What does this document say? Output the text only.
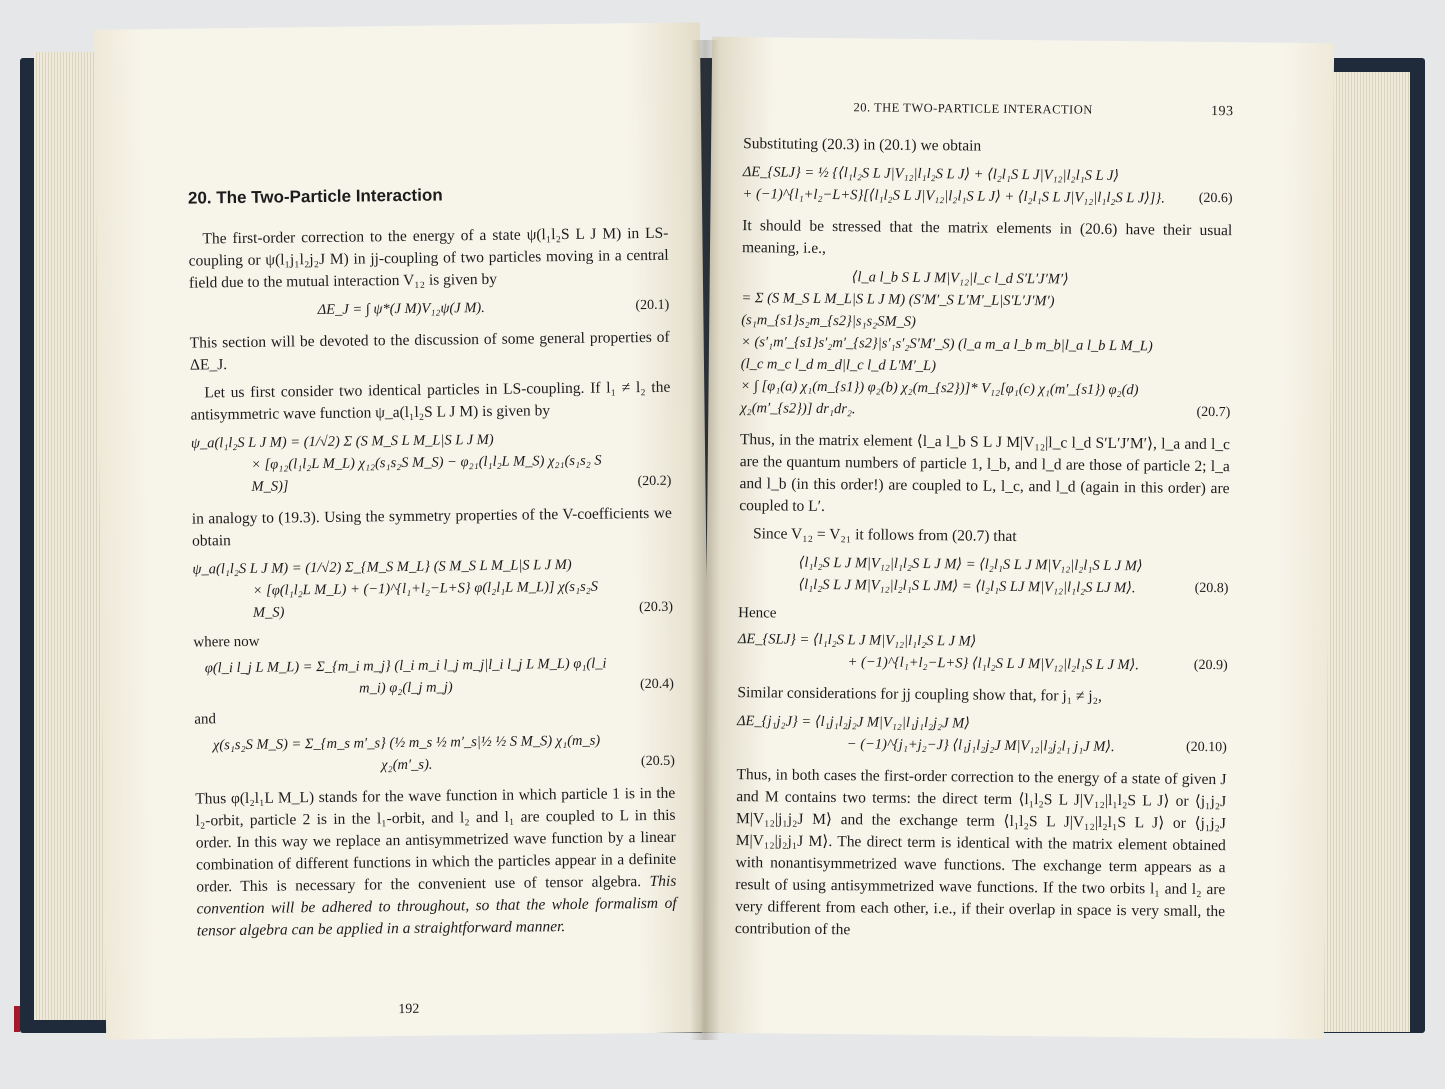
20. The Two-Particle Interaction

The first-order correction to the energy of a state ψ(l₁l₂S L J M) in LS-coupling or ψ(l₁j₁l₂j₂J M) in jj-coupling of two particles moving in a central field due to the mutual interaction V₁₂ is given by

ΔE_J = ∫ ψ*(J M)V₁₂ψ(J M).	(20.1)

This section will be devoted to the discussion of some general properties of ΔE_J.

Let us first consider two identical particles in LS-coupling. If l₁ ≠ l₂ the antisymmetric wave function ψ_a(l₁l₂S L J M) is given by

ψ_a(l₁l₂S L J M) = (1/√2) Σ (S M_S L M_L|S L J M)
× [φ₁₂(l₁l₂L M_L) χ₁₂(s₁s₂S M_S) − φ₂₁(l₁l₂L M_S) χ₂₁(s₁s₂ S M_S)]	(20.2)

in analogy to (19.3). Using the symmetry properties of the V-coefficients we obtain

ψ_a(l₁l₂S L J M) = (1/√2) Σ_{M_S M_L} (S M_S L M_L|S L J M)
× [φ(l₁l₂L M_L) + (−1)^{l₁+l₂−L+S} φ(l₂l₁L M_L)] χ(s₁s₂S M_S)	(20.3)
where now
φ(l_i l_j L M_L) = Σ_{m_i m_j} (l_i m_i l_j m_j|l_i l_j L M_L) φ₁(l_i m_i) φ₂(l_j m_j)	(20.4)
and
χ(s₁s₂S M_S) = Σ_{m_s m′_s} (½ m_s ½ m′_s|½ ½ S M_S) χ₁(m_s) χ₂(m′_s).	(20.5)

Thus φ(l₂l₁L M_L) stands for the wave function in which particle 1 is in the l₂-orbit, particle 2 is in the l₁-orbit, and l₂ and l₁ are coupled to L in this order. In this way we replace an antisymmetrized wave function by a linear combination of different functions in which the particles appear in a definite order. This is necessary for the convenient use of tensor algebra. This convention will be adhered to throughout, so that the whole formalism of tensor algebra can be applied in a straightforward manner.

192
20. THE TWO-PARTICLE INTERACTION	193

Substituting (20.3) in (20.1) we obtain

ΔE_{SLJ} = ½ {⟨l₁l₂S L J|V₁₂|l₁l₂S L J⟩ + ⟨l₂l₁S L J|V₁₂|l₂l₁S L J⟩
+ (−1)^{l₁+l₂−L+S}[⟨l₁l₂S L J|V₁₂|l₂l₁S L J⟩ + ⟨l₂l₁S L J|V₁₂|l₁l₂S L J⟩]}.	(20.6)

It should be stressed that the matrix elements in (20.6) have their usual meaning, i.e.,

⟨l_a l_b S L J M|V₁₂|l_c l_d S′L′J′M′⟩
= Σ (S M_S L M_L|S L J M) (S′M′_S L′M′_L|S′L′J′M′) (s₁m_{s1}s₂m_{s2}|s₁s₂SM_S)
× (s′₁m′_{s1}s′₂m′_{s2}|s′₁s′₂S′M′_S) (l_a m_a l_b m_b|l_a l_b L M_L) (l_c m_c l_d m_d|l_c l_d L′M′_L)
× ∫ [φ₁(a) χ₁(m_{s1}) φ₂(b) χ₂(m_{s2})]* V₁₂[φ₁(c) χ₁(m′_{s1}) φ₂(d) χ₂(m′_{s2})] dr₁dr₂.	(20.7)

Thus, in the matrix element ⟨l_a l_b S L J M|V₁₂|l_c l_d S′L′J′M′⟩, l_a and l_c are the quantum numbers of particle 1, l_b, and l_d are those of particle 2; l_a and l_b (in this order!) are coupled to L, l_c, and l_d (again in this order) are coupled to L′.

Since V₁₂ = V₂₁ it follows from (20.7) that

⟨l₁l₂S L J M|V₁₂|l₁l₂S L J M⟩ = ⟨l₂l₁S L J M|V₁₂|l₂l₁S L J M⟩
⟨l₁l₂S L J M|V₁₂|l₂l₁S L JM⟩ = ⟨l₂l₁S LJ M|V₁₂|l₁l₂S LJ M⟩.	(20.8)
Hence
ΔE_{SLJ} = ⟨l₁l₂S L J M|V₁₂|l₁l₂S L J M⟩
+ (−1)^{l₁+l₂−L+S} ⟨l₁l₂S L J M|V₁₂|l₂l₁S L J M⟩.	(20.9)

Similar considerations for jj coupling show that, for j₁ ≠ j₂,

ΔE_{j₁j₂J} = ⟨l₁j₁l₂j₂J M|V₁₂|l₁j₁l₂j₂J M⟩
− (−1)^{j₁+j₂−J} ⟨l₁j₁l₂j₂J M|V₁₂|l₂j₂l₁ j₁J M⟩.	(20.10)

Thus, in both cases the first-order correction to the energy of a state of given J and M contains two terms: the direct term ⟨l₁l₂S L J|V₁₂|l₁l₂S L J⟩ or ⟨j₁j₂J M|V₁₂|j₁j₂J M⟩ and the exchange term ⟨l₁l₂S L J|V₁₂|l₂l₁S L J⟩ or ⟨j₁j₂J M|V₁₂|j₂j₁J M⟩. The direct term is identical with the matrix element obtained with nonantisymmetrized wave functions. The exchange term appears as a result of using antisymmetrized wave functions. If the two orbits l₁ and l₂ are very different from each other, i.e., if their overlap in space is very small, the contribution of the
